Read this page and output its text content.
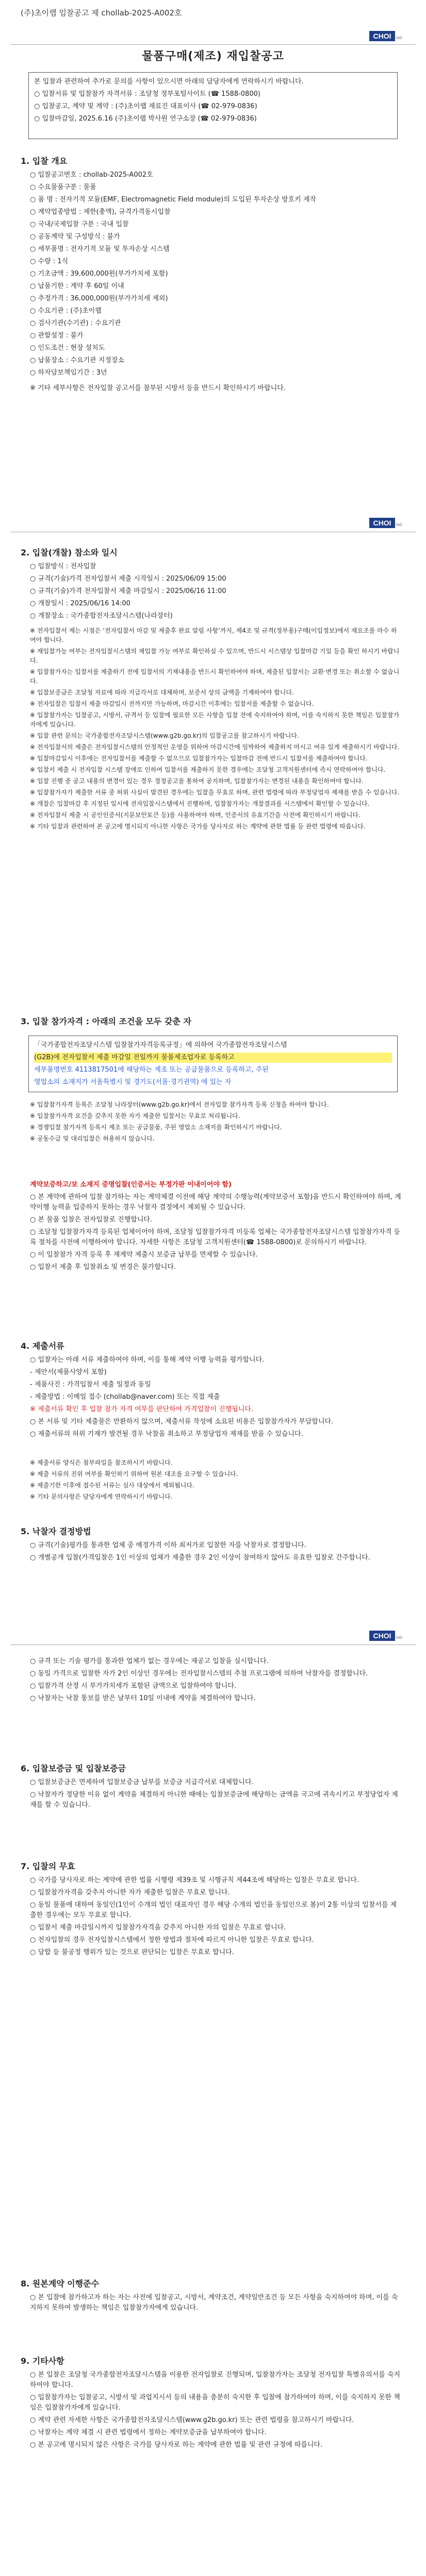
(주)초이랩 입찰공고 제 chollab-2025-A002호
CHOI	lab
물품구매(제조) 재입찰공고

본 입찰과 관련하여 추가로 문의를 사항이 있으시면 아래의 담당자에게 연락하시기 바랍니다.

○ 입찰서류 및 입찰참가 자격서류 : 조달청 정부포털사이트 (☎ 1588-0800)

○ 입찰공고, 계약 및 계약 : (주)초이랩 재료진 대표이사 (☎ 02-979-0836)

○ 입찰마감일, 2025.6.16 (주)초이랩 박사원 연구소장 (☎ 02-979-0836)

1. 입찰 개요

○ 입찰공고번호 : chollab-2025-A002호

○ 수요물품구분 : 물품

○ 품 명 : 전자기적 모듈(EMF, Electromagnetic Field module)의 도입된 투자손상 방호키 제작

○ 계약업종방법 : 제한(총액), 규격가격동시입찰

○ 국내/국제입찰 구분 : 국내 입찰

○ 공동계약 및 구성방식 : 불가

○ 세부품명 : 전자기적 모듈 및 투자손상 시스템

○ 수량 : 1식

○ 기초금액 : 39,600,000원(부가가치세 포함)

○ 납품기한 : 계약 후 60일 이내

○ 추정가격 : 36,000,000원(부가가치세 제외)

○ 수요기관 : (주)초이랩

○ 검사기관(수기관) : 수요기관

○ 관할설정 : 불가

○ 인도조건 : 현장 설치도

○ 납품장소 : 수요기관 지정장소

○ 하자담보책임기간 : 3년

※ 기타 세부사항은 전자입찰 공고서를 참부된 시방서 등을 반드시 확인하시기 바랍니다.

CHOI	lab
2. 입찰(개찰) 참소와 일시

○ 입찰방식 : 전자입찰

○ 규격(기술)가격 전자입찰서 제출 시작일시 : 2025/06/09 15:00

○ 규격(기술)가격 전자입찰서 제출 마감일시 : 2025/06/16 11:00

○ 개찰일시 : 2025/06/16 14:00

○ 개찰장소 : 국가종합전자조달시스템(나라장터)

※ 전자입찰서 제는 시점은 ‘전자입찰서 마감 및 제출후 완료 알림 사항’까지, 제4조 및 규격(정부용)구매(이입정보)에서 재요조를 마수 하여야 합니다.

※ 재입찰가능 여부는 전자입찰시스템의 재입찰 가능 여부로 확인하실 수 있으며, 반드시 시스템상 입찰마감 기일 등을 확인 하시기 바랍니다.

※ 입찰참가자는 입찰서를 제출하기 전에 입찰서의 기재내용을 반드시 확인하여야 하며, 제출된 입찰서는 교환·변경 또는 취소할 수 없습니다.

※ 입찰보증금은 조달청 자료에 따라 지급각서로 대체하며, 보증서 상의 금액을 기재하여야 합니다.

※ 전자입찰은 입찰서 제출 마감일시 전까지만 가능하며, 마감시간 이후에는 입찰서를 제출할 수 없습니다.

※ 입찰참가자는 입찰공고, 시방서, 규격서 등 입찰에 필요한 모든 사항을 입찰 전에 숙지하여야 하며, 이를 숙지하지 못한 책임은 입찰참가자에게 있습니다.

※ 입찰 관련 문의는 국가종합전자조달시스템(www.g2b.go.kr)의 입찰공고를 참고하시기 바랍니다.

※ 전자입찰서의 제출은 전자입찰시스템의 안정적인 운영을 위하여 마감시간에 임박하여 제출하지 마시고 여유 있게 제출하시기 바랍니다.

※ 입찰마감일시 이후에는 전자입찰서를 제출할 수 없으므로 입찰참가자는 입찰마감 전에 반드시 입찰서를 제출하여야 합니다.

※ 입찰서 제출 시 전자입찰 시스템 장애로 인하여 입찰서를 제출하지 못한 경우에는 조달청 고객지원센터에 즉시 연락하여야 합니다.

※ 입찰 진행 중 공고 내용의 변경이 있는 경우 정정공고를 통하여 공지하며, 입찰참가자는 변경된 내용을 확인하여야 합니다.

※ 입찰참가자가 제출한 서류 중 허위 사실이 발견된 경우에는 입찰을 무효로 하며, 관련 법령에 따라 부정당업자 제재를 받을 수 있습니다.

※ 개찰은 입찰마감 후 지정된 일시에 전자입찰시스템에서 진행하며, 입찰참가자는 개찰결과를 시스템에서 확인할 수 있습니다.

※ 전자입찰서 제출 시 공인인증서(지문보안토큰 등)를 사용하여야 하며, 인증서의 유효기간을 사전에 확인하시기 바랍니다.

※ 기타 입찰과 관련하여 본 공고에 명시되지 아니한 사항은 국가를 당사자로 하는 계약에 관한 법률 등 관련 법령에 따릅니다.

3. 입찰 참가자격 : 아래의 조건을 모두 갖춘 자

「국가종합전자조달시스템 입찰참가자격등록규정」에 의하여 국가종합전자조달시스템

(G2B)에 전자입찰서 제출 마감일 전일까지 물품제조업자로 등록하고

세부품명번호 4113817501에 해당하는 제조 또는 공급물품으로 등록하고, 주된

영업소의 소재지가 서울특별시 및 경기도(서울·경기권역) 에 있는 자

※ 입찰참가자격 등록은 조달청 나라장터(www.g2b.go.kr)에서 전자입찰 참가자격 등록 신청을 하여야 합니다.

※ 입찰참가자격 요건을 갖추지 못한 자가 제출한 입찰서는 무효로 처리됩니다.

※ 경쟁입찰 참가자격 등록시 제조 또는 공급물품, 주된 영업소 소재지를 확인하시기 바랍니다.

※ 공동수급 및 대리입찰은 허용하지 않습니다.

계약보증하고/보 소재지 증명입찰(인증서는 부정가판 이내이어야 함)

○ 본 계약에 관하여 입찰 참가하는 자는 계약체결 이전에 해당 계약의 수행능력(계약보증서 포함)을 반드시 확인하여야 하며, 계약이행 능력을 입증하지 못하는 경우 낙찰자 결정에서 제외될 수 있습니다.

○ 본 물품 입찰은 전자입찰로 진행합니다.

○ 조달청 입찰참가자격 등록된 업체이어야 하며, 조달청 입찰참가자격 미등록 업체는 국가종합전자조달시스템 입찰참가자격 등록 절차를 사전에 이행하여야 합니다. 자세한 사항은 조달청 고객지원센터(☎ 1588-0800)로 문의하시기 바랍니다.

○ 이 입찰참가 자격 등록 후 재계약 제출시 보증금 납부를 면제할 수 있습니다.

○ 입찰서 제출 후 입찰취소 및 변경은 불가합니다.

4. 제출서류

○ 입찰자는 아래 서류 제출하여야 하며, 이를 통해 계약 이행 능력을 평가합니다.

- 제안서(제품사양서 포함)

- 제품사진 : 가격입찰서 제출 일정과 동일

- 제출방법 : 이메일 접수 (chollab@naver.com) 또는 직접 제출

※ 제출서류 확인 후 입찰 참가 자격 여부를 판단하여 가격입찰이 진행됩니다.

○ 본 서류 및 기타 제출물은 반환하지 않으며, 제출서류 작성에 소요된 비용은 입찰참가자가 부담합니다.

○ 제출서류의 허위 기재가 발견될 경우 낙찰을 취소하고 부정당업자 제재를 받을 수 있습니다.

※ 제출서류 양식은 첨부파일을 참조하시기 바랍니다.

※ 제출 서류의 진위 여부를 확인하기 위하여 원본 대조를 요구할 수 있습니다.

※ 제출기한 이후에 접수된 서류는 심사 대상에서 제외됩니다.

※ 기타 문의사항은 담당자에게 연락하시기 바랍니다.

5. 낙찰자 결정방법

○ 규격(기술)평가를 통과한 업체 중 예정가격 이하 최저가로 입찰한 자를 낙찰자로 결정합니다.

○ 개별공개 입찰(가격입찰은 1인 이상의 업체가 제출한 경우 2인 이상이 참여하지 않아도 유효한 입찰로 간주합니다.

CHOI	lab

○ 규격 또는 기술 평가를 통과한 업체가 없는 경우에는 재공고 입찰을 실시합니다.

○ 동일 가격으로 입찰한 자가 2인 이상인 경우에는 전자입찰시스템의 추첨 프로그램에 의하여 낙찰자를 결정합니다.

○ 입찰가격 산정 시 부가가치세가 포함된 금액으로 입찰하여야 합니다.

○ 낙찰자는 낙찰 통보를 받은 날부터 10일 이내에 계약을 체결하여야 합니다.

6. 입찰보증금 및 입찰보증금

○ 입찰보증금은 면제하며 입찰보증금 납부를 보증금 지급각서로 대체합니다.

○ 낙찰자가 정당한 이유 없이 계약을 체결하지 아니한 때에는 입찰보증금에 해당하는 금액을 국고에 귀속시키고 부정당업자 제재를 할 수 있습니다.

7. 입찰의 무효

○ 국가를 당사자로 하는 계약에 관한 법률 시행령 제39조 및 시행규칙 제44조에 해당하는 입찰은 무효로 합니다.

○ 입찰참가자격을 갖추지 아니한 자가 제출한 입찰은 무효로 합니다.

○ 동일 물품에 대하여 동일인(1인이 수개의 법인 대표자인 경우 해당 수개의 법인을 동일인으로 봄)이 2통 이상의 입찰서를 제출한 경우에는 모두 무효로 합니다.

○ 입찰서 제출 마감일시까지 입찰참가자격을 갖추지 아니한 자의 입찰은 무효로 합니다.

○ 전자입찰의 경우 전자입찰시스템에서 정한 방법과 절차에 따르지 아니한 입찰은 무효로 합니다.

○ 담합 등 불공정 행위가 있는 것으로 판단되는 입찰은 무효로 합니다.

8. 원본계약 이행준수

○ 본 입찰에 참가하고자 하는 자는 사전에 입찰공고, 시방서, 계약조건, 계약일반조건 등 모든 사항을 숙지하여야 하며, 이를 숙지하지 못하여 발생하는 책임은 입찰참가자에게 있습니다.

9. 기타사항

○ 본 입찰은 조달청 국가종합전자조달시스템을 이용한 전자입찰로 진행되며, 입찰참가자는 조달청 전자입찰 특별유의서를 숙지하여야 합니다.

○ 입찰참가자는 입찰공고, 시방서 및 과업지시서 등의 내용을 충분히 숙지한 후 입찰에 참가하여야 하며, 이를 숙지하지 못한 책임은 입찰참가자에게 있습니다.

○ 계약 관련 자세한 사항은 국가종합전자조달시스템(www.g2b.go.kr) 또는 관련 법령을 참고하시기 바랍니다.

○ 낙찰자는 계약 체결 시 관련 법령에서 정하는 계약보증금을 납부하여야 합니다.

○ 본 공고에 명시되지 않은 사항은 국가를 당사자로 하는 계약에 관한 법률 및 관련 규정에 따릅니다.
